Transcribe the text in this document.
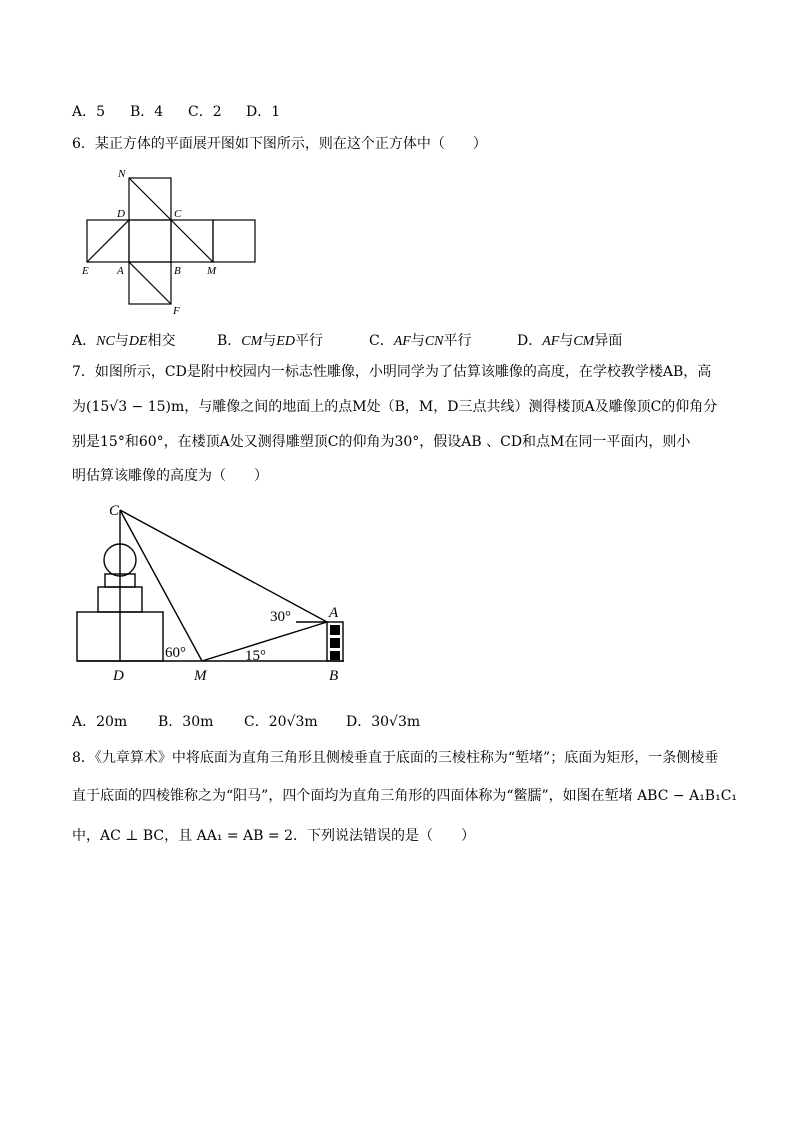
A．5 B．4 C．2 D．1
6．某正方体的平面展开图如下图所示，则在这个正方体中（　　）
N
D	C
E	A	B M
F
A．NC与DE相交	B．CM与ED平行	C．AF与CN平行	D．AF与CM异面
7．如图所示，CD是附中校园内一标志性雕像，小明同学为了估算该雕像的高度，在学校教学楼AB，高
为(15√3 − 15)m，与雕像之间的地面上的点M处（B，M，D三点共线）测得楼顶A及雕像顶C的仰角分
别是15°和60°，在楼顶A处又测得雕塑顶C的仰角为30°，假设AB 、CD和点M在同一平面内，则小
明估算该雕像的高度为（　　）
C
A
D	M	B
30°
60°	15°
A．20m B．30m C．20√3m D．30√3m
8．《九章算术》中将底面为直角三角形且侧棱垂直于底面的三棱柱称为“堑堵”；底面为矩形，一条侧棱垂
直于底面的四棱锥称之为“阳马”，四个面均为直角三角形的四面体称为“鳖臑”，如图在堑堵 ABC − A₁B₁C₁
中，AC ⊥ BC，且 AA₁ = AB = 2．下列说法错误的是（　　）
